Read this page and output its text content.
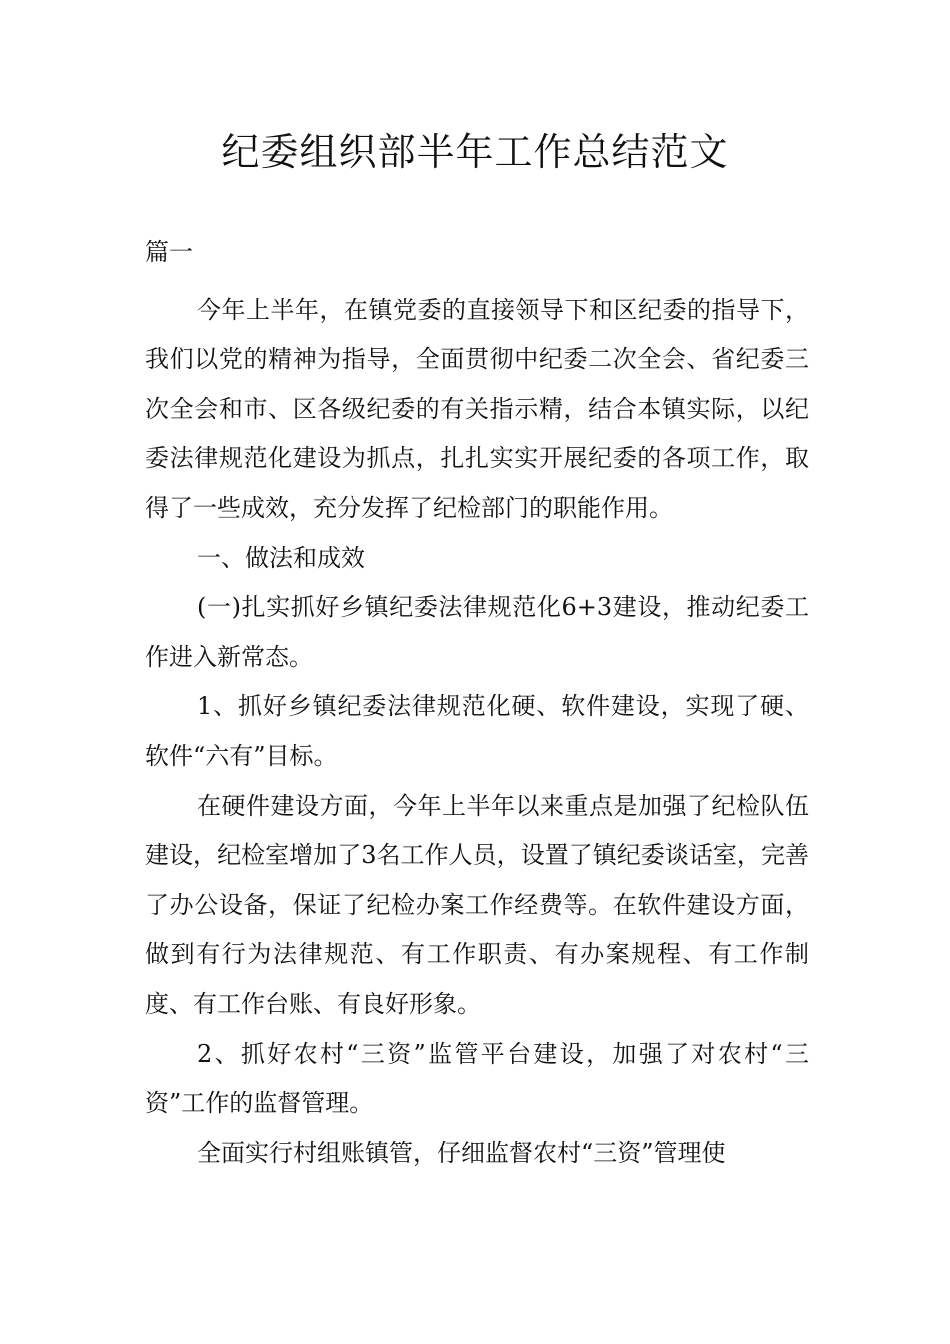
纪委组织部半年工作总结范文

篇一

今年上半年，在镇党委的直接领导下和区纪委的指导下，我们以党的精神为指导，全面贯彻中纪委二次全会、省纪委三次全会和市、区各级纪委的有关指示精，结合本镇实际，以纪委法律规范化建设为抓点，扎扎实实开展纪委的各项工作，取得了一些成效，充分发挥了纪检部门的职能作用。

一、做法和成效

(一)扎实抓好乡镇纪委法律规范化6+3建设，推动纪委工作进入新常态。

1、抓好乡镇纪委法律规范化硬、软件建设，实现了硬、软件“六有”目标。

在硬件建设方面，今年上半年以来重点是加强了纪检队伍建设，纪检室增加了3名工作人员，设置了镇纪委谈话室，完善了办公设备，保证了纪检办案工作经费等。在软件建设方面，做到有行为法律规范、有工作职责、有办案规程、有工作制度、有工作台账、有良好形象。

2、抓好农村“三资”监管平台建设，加强了对农村“三资”工作的监督管理。

全面实行村组账镇管，仔细监督农村“三资”管理使
